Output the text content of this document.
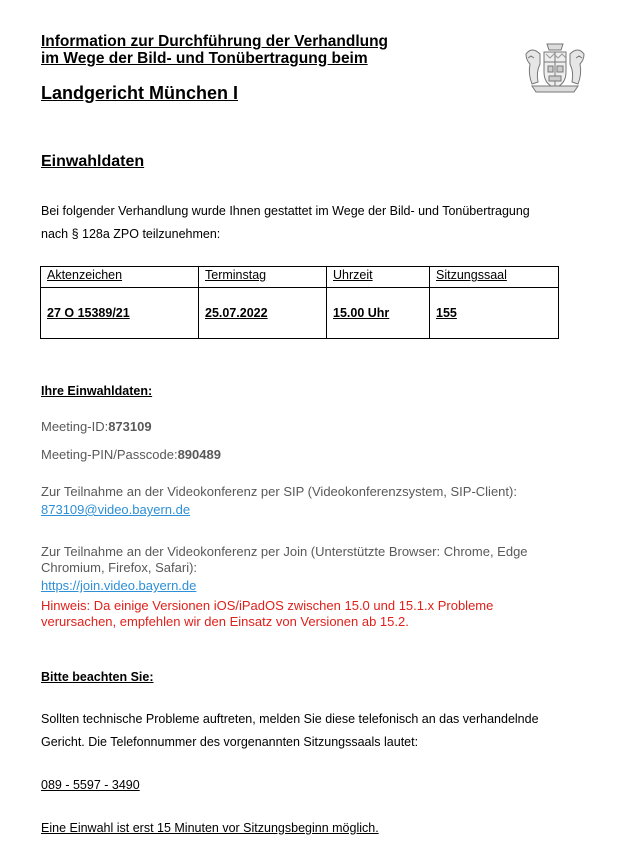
Information zur Durchführung der Verhandlung
im Wege der Bild- und Tonübertragung beim
Landgericht München I
Einwahldaten
Bei folgender Verhandlung wurde Ihnen gestattet im Wege der Bild- und Tonübertragung
nach § 128a ZPO teilzunehmen:
Aktenzeichen	Terminstag	Uhrzeit	Sitzungssaal
27 O 15389/21	25.07.2022	15.00 Uhr	155
Ihre Einwahldaten:
Meeting-ID:873109
Meeting-PIN/Passcode:890489
Zur Teilnahme an der Videokonferenz per SIP (Videokonferenzsystem, SIP-Client):
873109@video.bayern.de
Zur Teilnahme an der Videokonferenz per Join (Unterstützte Browser: Chrome, Edge
Chromium, Firefox, Safari):
https://join.video.bayern.de
Hinweis: Da einige Versionen iOS/iPadOS zwischen 15.0 und 15.1.x Probleme
verursachen, empfehlen wir den Einsatz von Versionen ab 15.2.
Bitte beachten Sie:
Sollten technische Probleme auftreten, melden Sie diese telefonisch an das verhandelnde
Gericht. Die Telefonnummer des vorgenannten Sitzungssaals lautet:
089 - 5597 - 3490
Eine Einwahl ist erst 15 Minuten vor Sitzungsbeginn möglich.
